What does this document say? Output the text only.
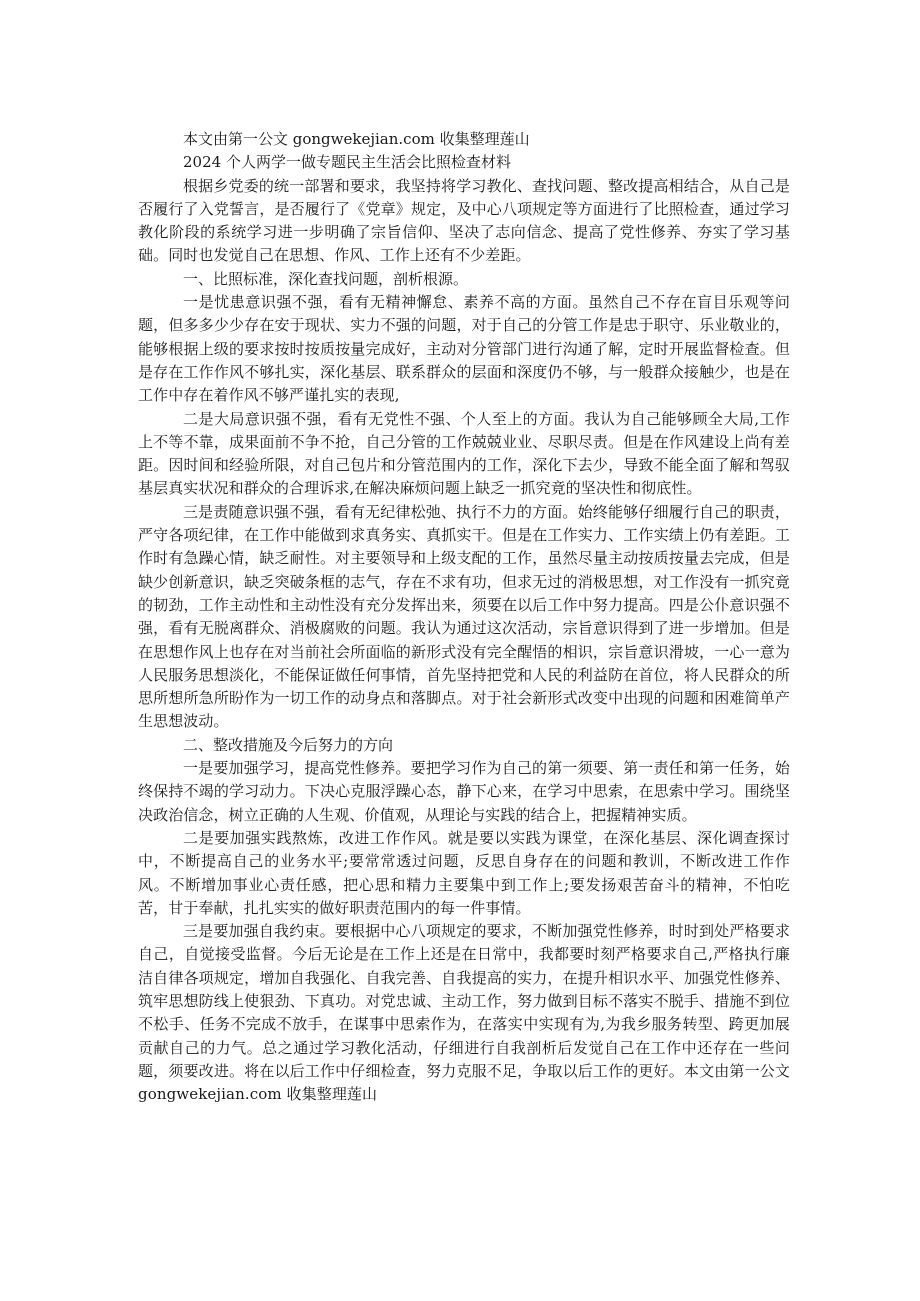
本文由第一公文 gongwekejian.com 收集整理莲山

2024 个人两学一做专题民主生活会比照检查材料

根据乡党委的统一部署和要求，我坚持将学习教化、查找问题、整改提高相结合，从自己是否履行了入党誓言，是否履行了《党章》规定，及中心八项规定等方面进行了比照检查，通过学习教化阶段的系统学习进一步明确了宗旨信仰、坚决了志向信念、提高了党性修养、夯实了学习基础。同时也发觉自己在思想、作风、工作上还有不少差距。

一、比照标准，深化查找问题，剖析根源。

一是忧患意识强不强，看有无精神懈怠、素养不高的方面。虽然自己不存在盲目乐观等问题，但多多少少存在安于现状、实力不强的问题，对于自己的分管工作是忠于职守、乐业敬业的，能够根据上级的要求按时按质按量完成好，主动对分管部门进行沟通了解，定时开展监督检查。但是存在工作作风不够扎实，深化基层、联系群众的层面和深度仍不够，与一般群众接触少，也是在工作中存在着作风不够严谨扎实的表现,

二是大局意识强不强，看有无党性不强、个人至上的方面。我认为自己能够顾全大局,工作上不等不靠，成果面前不争不抢，自己分管的工作兢兢业业、尽职尽责。但是在作风建设上尚有差距。因时间和经验所限，对自己包片和分管范围内的工作，深化下去少，导致不能全面了解和驾驭基层真实状况和群众的合理诉求,在解决麻烦问题上缺乏一抓究竟的坚决性和彻底性。

三是责随意识强不强，看有无纪律松弛、执行不力的方面。始终能够仔细履行自己的职责，严守各项纪律，在工作中能做到求真务实、真抓实干。但是在工作实力、工作实绩上仍有差距。工作时有急躁心情，缺乏耐性。对主要领导和上级支配的工作，虽然尽量主动按质按量去完成，但是缺少创新意识，缺乏突破条框的志气，存在不求有功，但求无过的消极思想，对工作没有一抓究竟的韧劲，工作主动性和主动性没有充分发挥出来，须要在以后工作中努力提高。四是公仆意识强不强，看有无脱离群众、消极腐败的问题。我认为通过这次活动，宗旨意识得到了进一步增加。但是在思想作风上也存在对当前社会所面临的新形式没有完全醒悟的相识，宗旨意识滑坡，一心一意为人民服务思想淡化，不能保证做任何事情，首先坚持把党和人民的利益防在首位，将人民群众的所思所想所急所盼作为一切工作的动身点和落脚点。对于社会新形式改变中出现的问题和困难简单产生思想波动。

二、整改措施及今后努力的方向

一是要加强学习，提高党性修养。要把学习作为自己的第一须要、第一责任和第一任务，始终保持不竭的学习动力。下决心克服浮躁心态，静下心来，在学习中思索，在思索中学习。围绕坚决政治信念，树立正确的人生观、价值观，从理论与实践的结合上，把握精神实质。

二是要加强实践熬炼，改进工作作风。就是要以实践为课堂，在深化基层、深化调查探讨中，不断提高自己的业务水平;要常常透过问题，反思自身存在的问题和教训，不断改进工作作风。不断增加事业心责任感，把心思和精力主要集中到工作上;要发扬艰苦奋斗的精神，不怕吃苦，甘于奉献，扎扎实实的做好职责范围内的每一件事情。

三是要加强自我约束。要根据中心八项规定的要求，不断加强党性修养，时时到处严格要求自己，自觉接受监督。今后无论是在工作上还是在日常中，我都要时刻严格要求自己,严格执行廉洁自律各项规定，增加自我强化、自我完善、自我提高的实力，在提升相识水平、加强党性修养、筑牢思想防线上使狠劲、下真功。对党忠诚、主动工作，努力做到目标不落实不脱手、措施不到位不松手、任务不完成不放手，在谋事中思索作为，在落实中实现有为,为我乡服务转型、跨更加展贡献自己的力气。总之通过学习教化活动，仔细进行自我剖析后发觉自己在工作中还存在一些问题，须要改进。将在以后工作中仔细检查，努力克服不足，争取以后工作的更好。本文由第一公文 gongwekejian.com 收集整理莲山
